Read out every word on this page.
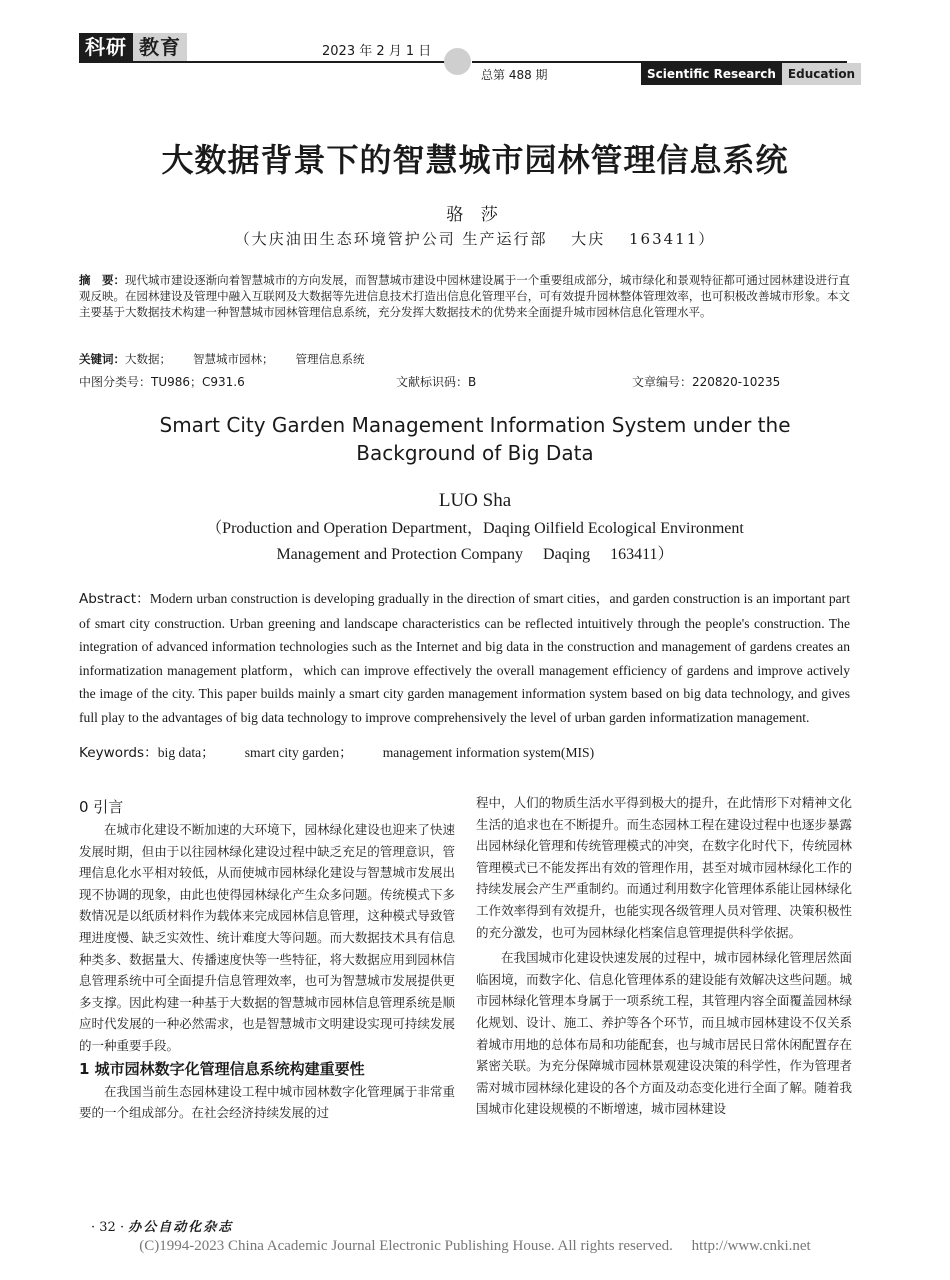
科研 教育	2023 年 2 月 1 日
总第 488 期	Scientific Research	Education
大数据背景下的智慧城市园林管理信息系统
骆 莎
（大庆油田生态环境管护公司 生产运行部　 大庆　 163411）
摘　要：现代城市建设逐渐向着智慧城市的方向发展，而智慧城市建设中园林建设属于一个重要组成部分，城市绿化和景观特征都可通过园林建设进行直观反映。在园林建设及管理中融入互联网及大数据等先进信息技术打造出信息化管理平台，可有效提升园林整体管理效率，也可积极改善城市形象。本文主要基于大数据技术构建一种智慧城市园林管理信息系统，充分发挥大数据技术的优势来全面提升城市园林信息化管理水平。
关键词：大数据； 智慧城市园林； 管理信息系统
中图分类号：TU986；C931.6	文献标识码：B	文章编号：220820-10235
Smart City Garden Management Information System under the
Background of Big Data
LUO Sha
（Production and Operation Department，Daqing Oilfield Ecological Environment
Management and Protection Company　 Daqing　 163411）
Abstract：Modern urban construction is developing gradually in the direction of smart cities，and garden construction is an important part of smart city construction. Urban greening and landscape characteristics can be reflected intuitively through the people's construction. The integration of advanced information technologies such as the Internet and big data in the construction and management of gardens creates an informatization management platform，which can improve effectively the overall management efficiency of gardens and improve actively the image of the city. This paper builds mainly a smart city garden management information system based on big data technology, and gives full play to the advantages of big data technology to improve comprehensively the level of urban garden informatization management.
Keywords：big data； smart city garden； management information system(MIS)
0 引言

在城市化建设不断加速的大环境下，园林绿化建设也迎来了快速发展时期，但由于以往园林绿化建设过程中缺乏充足的管理意识，管理信息化水平相对较低，从而使城市园林绿化建设与智慧城市发展出现不协调的现象，由此也使得园林绿化产生众多问题。传统模式下多数情况是以纸质材料作为载体来完成园林信息管理，这种模式导致管理进度慢、缺乏实效性、统计难度大等问题。而大数据技术具有信息种类多、数据量大、传播速度快等一些特征，将大数据应用到园林信息管理系统中可全面提升信息管理效率，也可为智慧城市发展提供更多支撑。因此构建一种基于大数据的智慧城市园林信息管理系统是顺应时代发展的一种必然需求，也是智慧城市文明建设实现可持续发展的一种重要手段。

1 城市园林数字化管理信息系统构建重要性

在我国当前生态园林建设工程中城市园林数字化管理属于非常重要的一个组成部分。在社会经济持续发展的过

程中，人们的物质生活水平得到极大的提升，在此情形下对精神文化生活的追求也在不断提升。而生态园林工程在建设过程中也逐步暴露出园林绿化管理和传统管理模式的冲突，在数字化时代下，传统园林管理模式已不能发挥出有效的管理作用，甚至对城市园林绿化工作的持续发展会产生严重制约。而通过利用数字化管理体系能让园林绿化工作效率得到有效提升，也能实现各级管理人员对管理、决策积极性的充分激发，也可为园林绿化档案信息管理提供科学依据。

在我国城市化建设快速发展的过程中，城市园林绿化管理居然面临困境，而数字化、信息化管理体系的建设能有效解决这些问题。城市园林绿化管理本身属于一项系统工程，其管理内容全面覆盖园林绿化规划、设计、施工、养护等各个环节，而且城市园林建设不仅关系着城市用地的总体布局和功能配套，也与城市居民日常休闲配置存在紧密关联。为充分保障城市园林景观建设决策的科学性，作为管理者需对城市园林绿化建设的各个方面及动态变化进行全面了解。随着我国城市化建设规模的不断增速，城市园林建设

· 32 · 办公自动化杂志
(C)1994-2023 China Academic Journal Electronic Publishing House. All rights reserved.　 http://www.cnki.net
